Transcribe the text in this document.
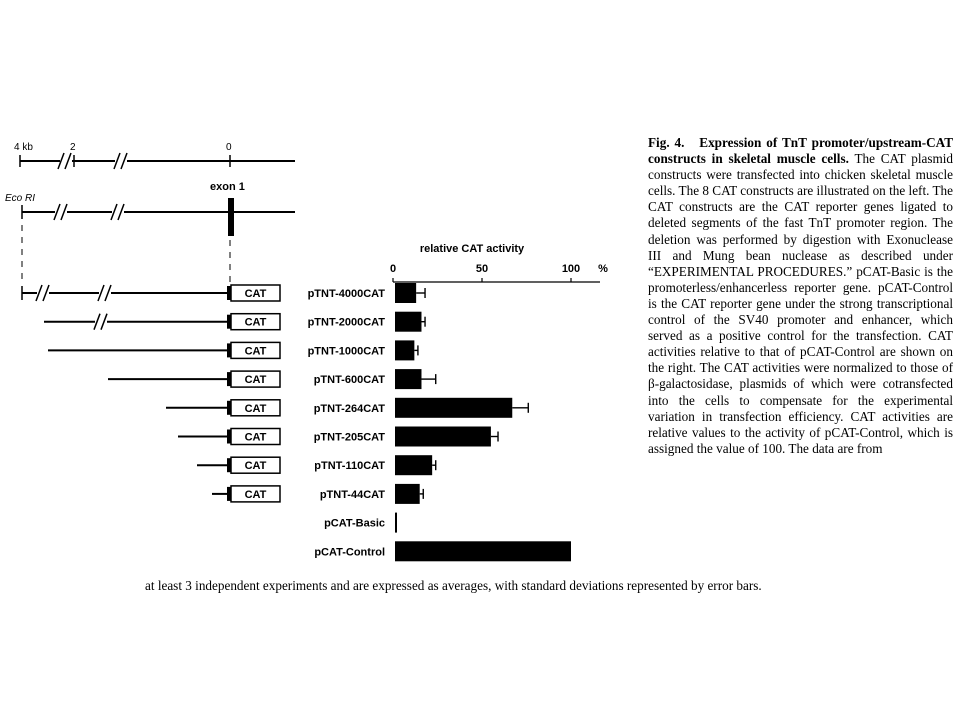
4 kb	2	0
Eco RI
exon 1
CAT
CAT
CAT
CAT
CAT
CAT
CAT
CAT
relative CAT activity
0	50	100 %
pTNT-4000CAT
pTNT-2000CAT
pTNT-1000CAT
pTNT-600CAT
pTNT-264CAT
pTNT-205CAT
pTNT-110CAT
pTNT-44CAT
pCAT-Basic
pCAT-Control
Fig. 4. Expression of TnT promoter/upstream-CAT constructs in skeletal muscle cells. The CAT plasmid constructs were transfected into chicken skeletal muscle cells. The 8 CAT constructs are illustrated on the left. The CAT constructs are the CAT reporter genes ligated to deleted segments of the fast TnT promoter region. The deletion was performed by digestion with Exonuclease III and Mung bean nuclease as described under “EXPERIMENTAL PROCEDURES.” pCAT-Basic is the promoterless/enhancerless reporter gene. pCAT-Control is the CAT reporter gene under the strong transcriptional control of the SV40 promoter and enhancer, which served as a positive control for the transfection. CAT activities relative to that of pCAT-Control are shown on the right. The CAT activities were normalized to those of β-galactosidase, plasmids of which were cotransfected into the cells to compensate for the experimental variation in transfection efficiency. CAT activities are relative values to the activity of pCAT-Control, which is assigned the value of 100. The data are from
at least 3 independent experiments and are expressed as averages, with standard deviations represented by error bars.
